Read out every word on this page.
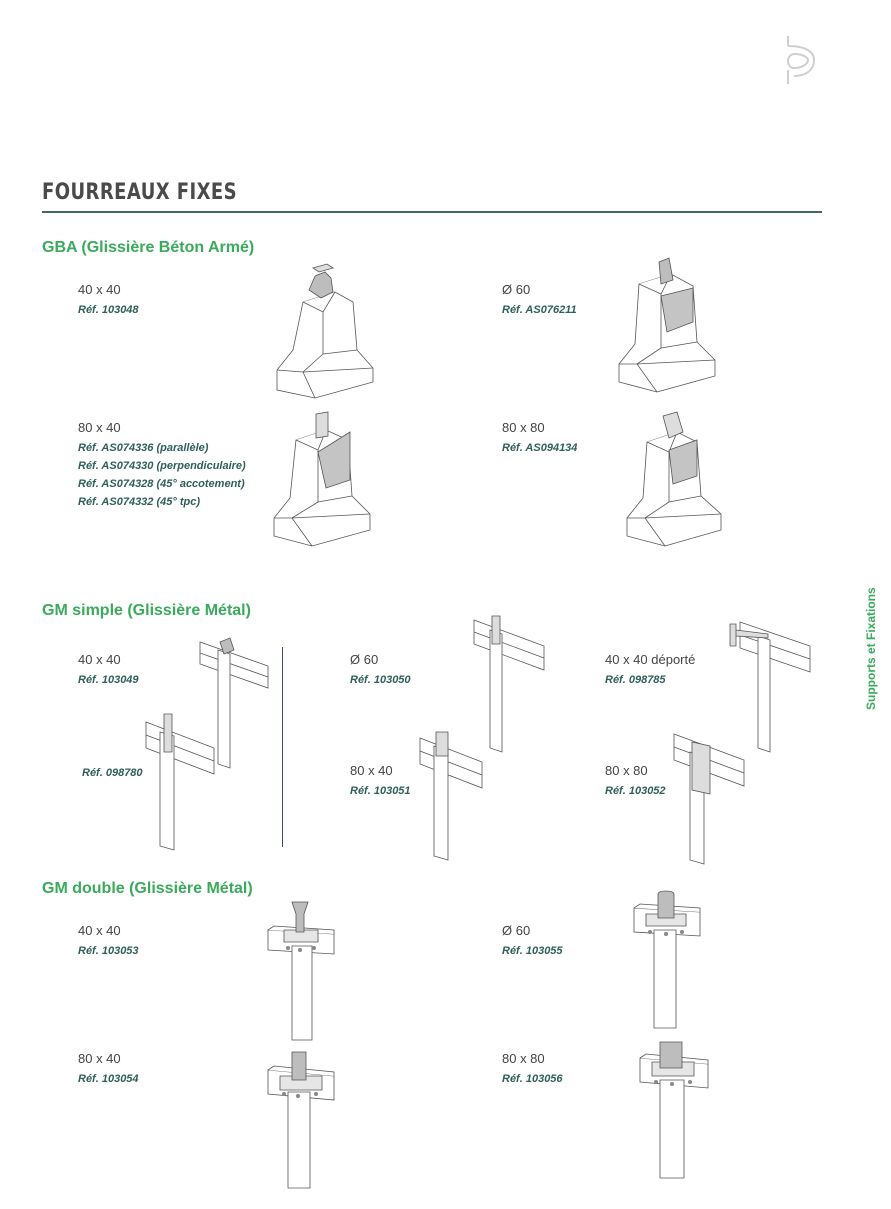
FOURREAUX FIXES
Supports et Fixations
GBA (Glissière Béton Armé)
40 x 40
Réf. 103048
Ø 60
Réf. AS076211
80 x 40
Réf. AS074336 (parallèle)
Réf. AS074330 (perpendiculaire)
Réf. AS074328 (45° accotement)
Réf. AS074332 (45° tpc)
80 x 80
Réf. AS094134
GM simple (Glissière Métal)
40 x 40
Réf. 103049
Réf. 098780
Ø 60
Réf. 103050
80 x 40
Réf. 103051
40 x 40 déporté
Réf. 098785
80 x 80
Réf. 103052
GM double (Glissière Métal)
40 x 40
Réf. 103053
Ø 60
Réf. 103055
80 x 40
Réf. 103054
80 x 80
Réf. 103056
